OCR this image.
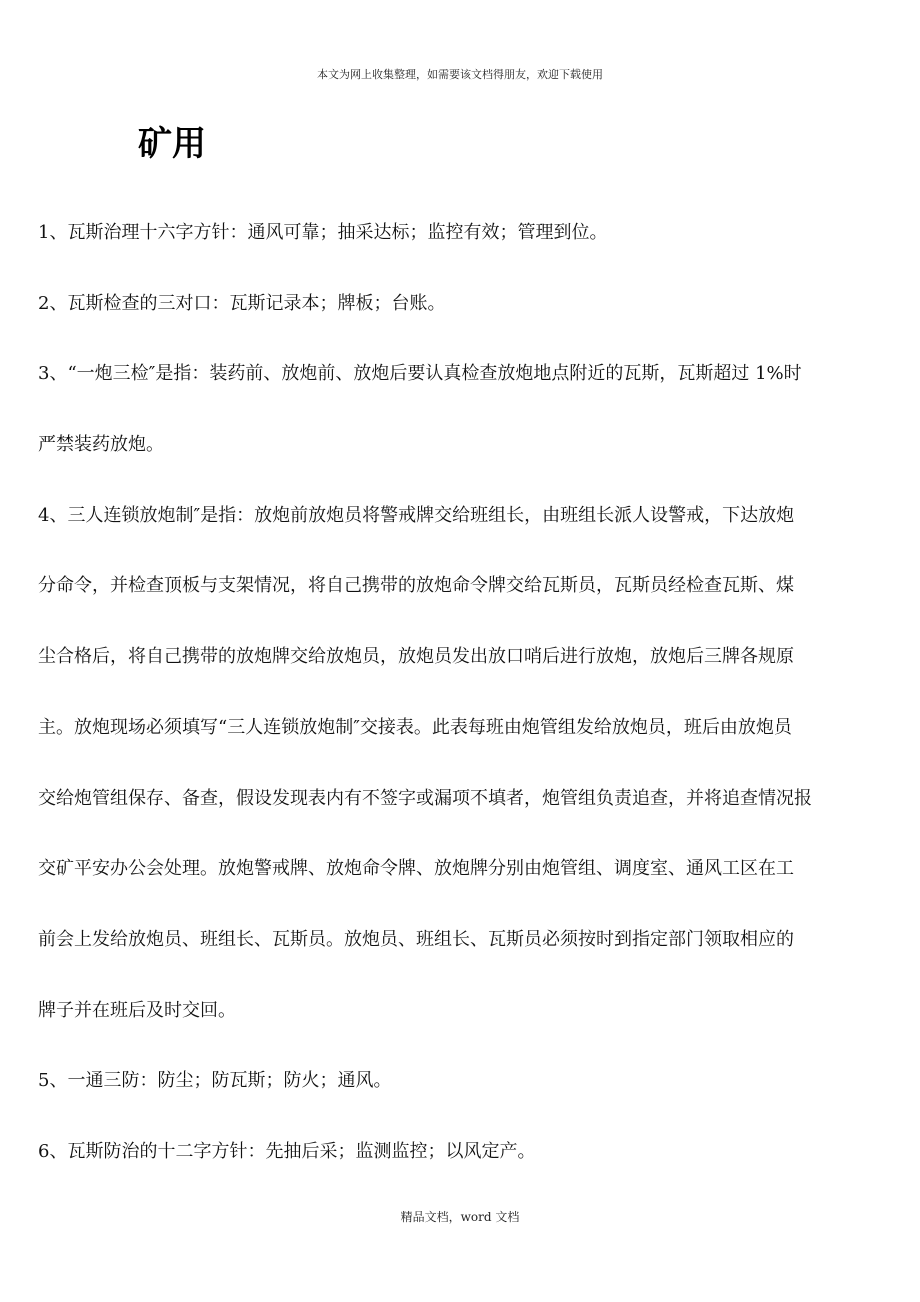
本文为网上收集整理，如需要该文档得朋友，欢迎下载使用
矿用
1、瓦斯治理十六字方针：通风可靠；抽采达标；监控有效；管理到位。
2、瓦斯检查的三对口：瓦斯记录本；牌板；台账。
3、“一炮三检″是指：装药前、放炮前、放炮后要认真检查放炮地点附近的瓦斯，瓦斯超过 1%时
严禁装药放炮。
4、三人连锁放炮制″是指：放炮前放炮员将警戒牌交给班组长，由班组长派人设警戒，下达放炮
分命令，并检查顶板与支架情况，将自己携带的放炮命令牌交给瓦斯员，瓦斯员经检查瓦斯、煤
尘合格后，将自己携带的放炮牌交给放炮员，放炮员发出放口哨后进行放炮，放炮后三牌各规原
主。放炮现场必须填写“三人连锁放炮制″交接表。此表每班由炮管组发给放炮员，班后由放炮员
交给炮管组保存、备查，假设发现表内有不签字或漏项不填者，炮管组负责追查，并将追查情况报
交矿平安办公会处理。放炮警戒牌、放炮命令牌、放炮牌分别由炮管组、调度室、通风工区在工
前会上发给放炮员、班组长、瓦斯员。放炮员、班组长、瓦斯员必须按时到指定部门领取相应的
牌子并在班后及时交回。
5、一通三防：防尘；防瓦斯；防火；通风。
6、瓦斯防治的十二字方针：先抽后采；监测监控；以风定产。
精品文档，word 文档
